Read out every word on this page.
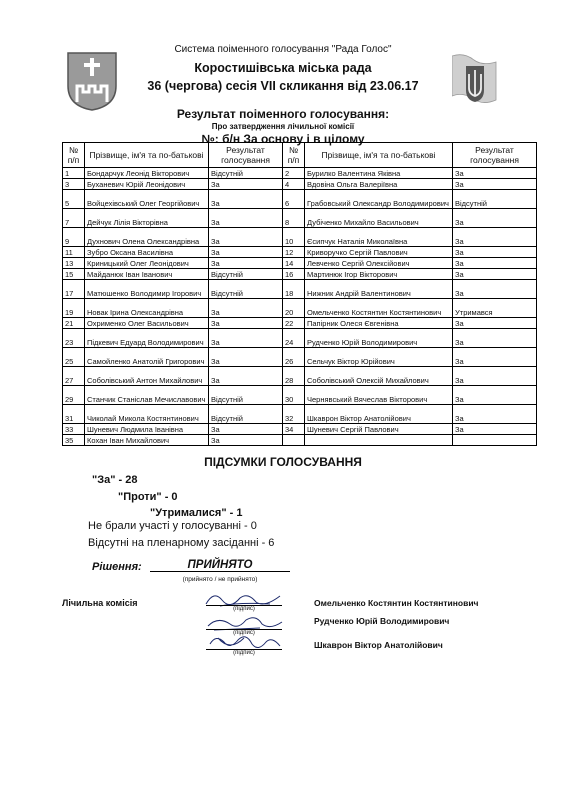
Система поіменного голосування "Рада Голос"
Коростишівська міська рада
36 (чергова) сесія VII скликання від 23.06.17
Результат поіменного голосування:
Про затвердження лічильної комісії
№: б/н За основу і в цілому
№ п/п	Прізвище, ім'я та по-батькові	Результат голосування	№ п/п	Прізвище, ім'я та по-батькові	Результат голосування
1	Бондарчук Леонід Вікторович	Відсутній	2	Бурилко Валентина Яківна	За
3	Буханевич Юрій Леонідович	За	4	Вдовіна Ольга Валеріївна	За
5	Войцехівський Олег Георгійович	За	6	Грабовський Олександр Володимирович	Відсутній
7	Дейчук Лілія Вікторівна	За	8	Дубіченко Михайло Васильович	За
9	Духнович Олена Олександрівна	За	10	Єсипчук Наталія Миколаївна	За
11	Зубро Оксана Василівна	За	12	Криворучко Сергій Павлович	За
13	Криницький Олег Леонідович	За	14	Левченко Сергій Олексійович	За
15	Майданюк Іван Іванович	Відсутній	16	Мартинюк Ігор Вікторович	За
17	Матюшенко Володимир Ігорович	Відсутній	18	Нижник Андрій Валентинович	За
19	Новак Ірина Олександрівна	За	20	Омельченко Костянтин Костянтинович	Утримався
21	Охрименко Олег Васильович	За	22	Папірник Олеся Євгенівна	За
23	Підкевич Едуард Володимирович	За	24	Рудченко Юрій Володимирович	За
25	Самойленко Анатолій Григорович	За	26	Сельчук Віктор Юрійович	За
27	Соболівський Антон Михайлович	За	28	Соболівський Олексій Михайлович	За
29	Станчик Станіслав Мечиславович	Відсутній	30	Чернявський Вячеслав Вікторович	За
31	Чиколай Микола Костянтинович	Відсутній	32	Шкаврон Віктор Анатолійович	За
33	Шуневич Людмила Іванівна	За	34	Шуневич Сергій Павлович	За
35	Кохан Іван Михайлович	За			
ПІДСУМКИ ГОЛОСУВАННЯ
"За" - 28
"Проти" - 0
"Утрималися" - 1
Не брали участі у голосуванні - 0
Відсутні на пленарному засіданні - 6
Рішення:	ПРИЙНЯТО
(прийнято / не прийнято)
Лічильна комісія
(підпис)
Омельченко Костянтин Костянтинович
(підпис)
Рудченко Юрій Володимирович
(підпис)
Шкаврон Віктор Анатолійович
